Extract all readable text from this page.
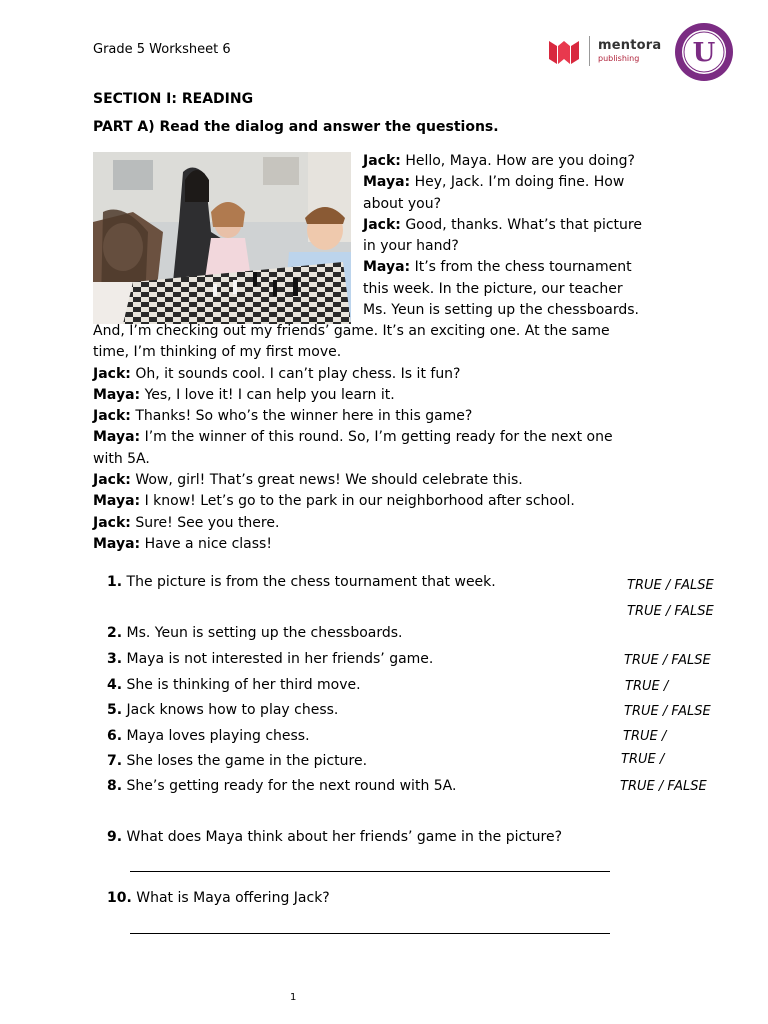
Grade 5 Worksheet 6	mentora
publishing	U
SECTION I: READING
PART A) Read the dialog and answer the questions.
Jack: Hello, Maya. How are you doing?
Maya: Hey, Jack. I’m doing fine. How
about you?
Jack: Good, thanks. What’s that picture
in your hand?
Maya: It’s from the chess tournament
this week. In the picture, our teacher
Ms. Yeun is setting up the chessboards.
And, I’m checking out my friends’ game. It’s an exciting one. At the same
time, I’m thinking of my first move.
Jack: Oh, it sounds cool. I can’t play chess. Is it fun?
Maya: Yes, I love it! I can help you learn it.
Jack: Thanks! So who’s the winner here in this game?
Maya: I’m the winner of this round. So, I’m getting ready for the next one
with 5A.
Jack: Wow, girl! That’s great news! We should celebrate this.
Maya: I know! Let’s go to the park in our neighborhood after school.
Jack: Sure! See you there.
Maya: Have a nice class!
1. The picture is from the chess tournament that week.
2. Ms. Yeun is setting up the chessboards.
3. Maya is not interested in her friends’ game.
4. She is thinking of her third move.
5. Jack knows how to play chess.
6. Maya loves playing chess.
7. She loses the game in the picture.
8. She’s getting ready for the next round with 5A.
TRUE / FALSE
TRUE / FALSE
TRUE / FALSE
TRUE /
TRUE / FALSE
TRUE /
TRUE /
TRUE / FALSE
9. What does Maya think about her friends’ game in the picture?
10. What is Maya offering Jack?
1
